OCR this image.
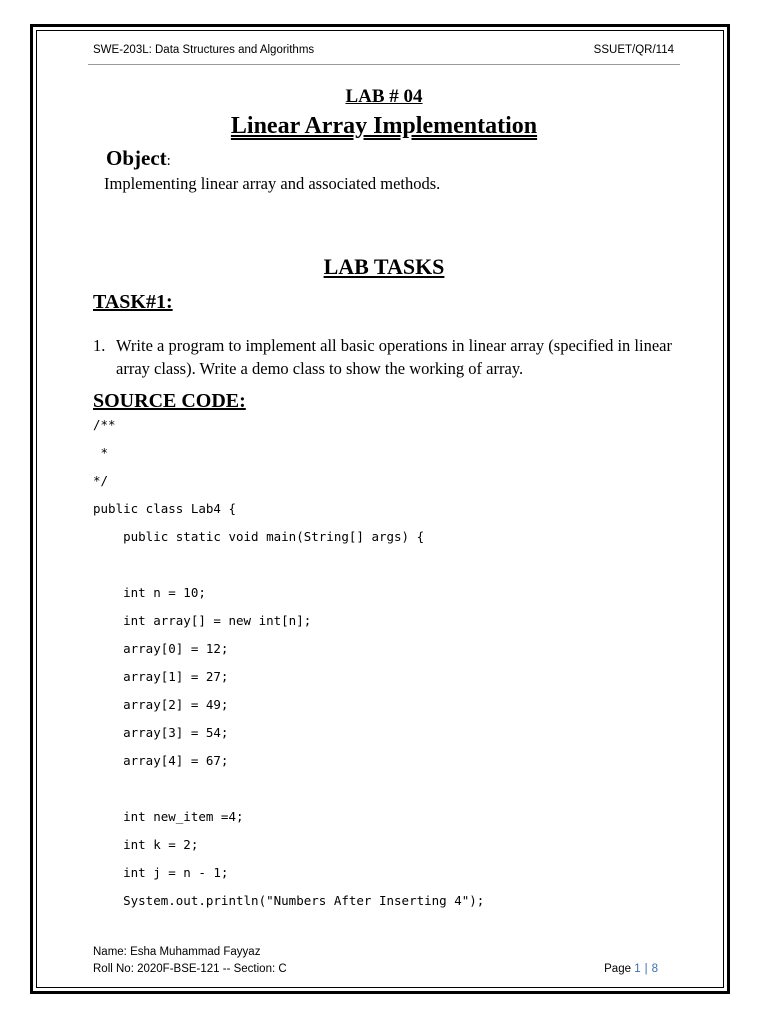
SWE-203L: Data Structures and Algorithms	SSUET/QR/114
LAB # 04
Linear Array Implementation
Object:
Implementing linear array and associated methods.
LAB TASKS
TASK#1:
1. Write a program to implement all basic operations in linear array (specified in linear array class). Write a demo class to show the working of array.
SOURCE CODE:
/**
*
*/
public class Lab4 {
public static void main(String[] args) {
int n = 10;
int array[] = new int[n];
array[0] = 12;
array[1] = 27;
array[2] = 49;
array[3] = 54;
array[4] = 67;
int new_item =4;
int k = 2;
int j = n - 1;
System.out.println("Numbers After Inserting 4");
Name: Esha Muhammad Fayyaz
Roll No: 2020F-BSE-121 -- Section: C	Page 1 | 8
